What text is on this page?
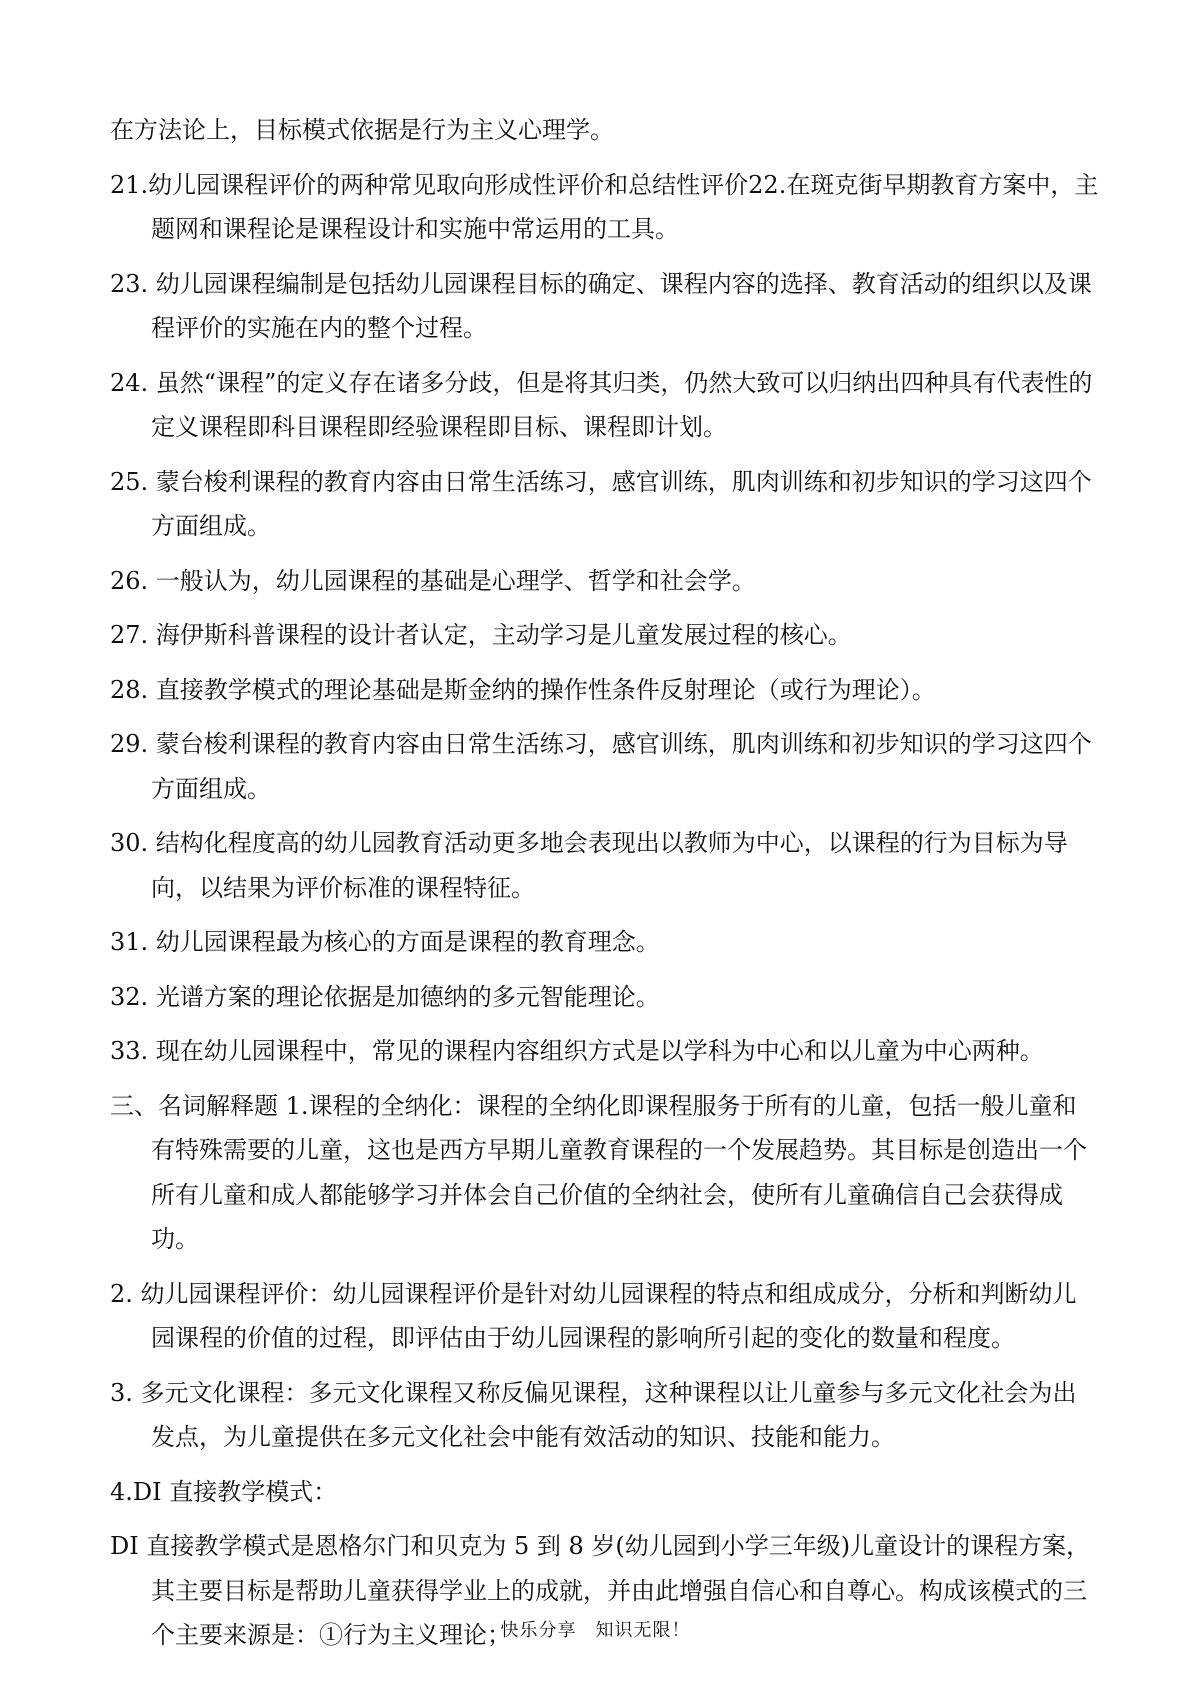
在方法论上，目标模式依据是行为主义心理学。

21.幼儿园课程评价的两种常见取向形成性评价和总结性评价22.在斑克街早期教育方案中，主题网和课程论是课程设计和实施中常运用的工具。

23. 幼儿园课程编制是包括幼儿园课程目标的确定、课程内容的选择、教育活动的组织以及课程评价的实施在内的整个过程。

24. 虽然“课程”的定义存在诸多分歧，但是将其归类，仍然大致可以归纳出四种具有代表性的定义课程即科目课程即经验课程即目标、课程即计划。

25. 蒙台梭利课程的教育内容由日常生活练习，感官训练，肌肉训练和初步知识的学习这四个方面组成。

26. 一般认为，幼儿园课程的基础是心理学、哲学和社会学。

27. 海伊斯科普课程的设计者认定，主动学习是儿童发展过程的核心。

28. 直接教学模式的理论基础是斯金纳的操作性条件反射理论（或行为理论）。

29. 蒙台梭利课程的教育内容由日常生活练习，感官训练，肌肉训练和初步知识的学习这四个方面组成。

30. 结构化程度高的幼儿园教育活动更多地会表现出以教师为中心，以课程的行为目标为导向，以结果为评价标准的课程特征。

31. 幼儿园课程最为核心的方面是课程的教育理念。

32. 光谱方案的理论依据是加德纳的多元智能理论。

33. 现在幼儿园课程中，常见的课程内容组织方式是以学科为中心和以儿童为中心两种。

三、名词解释题 1.课程的全纳化：课程的全纳化即课程服务于所有的儿童，包括一般儿童和有特殊需要的儿童，这也是西方早期儿童教育课程的一个发展趋势。其目标是创造出一个所有儿童和成人都能够学习并体会自己价值的全纳社会，使所有儿童确信自己会获得成功。

2. 幼儿园课程评价：幼儿园课程评价是针对幼儿园课程的特点和组成成分，分析和判断幼儿园课程的价值的过程，即评估由于幼儿园课程的影响所引起的变化的数量和程度。

3. 多元文化课程：多元文化课程又称反偏见课程，这种课程以让儿童参与多元文化社会为出发点，为儿童提供在多元文化社会中能有效活动的知识、技能和能力。

4.DI 直接教学模式：

DI 直接教学模式是恩格尔门和贝克为 5 到 8 岁(幼儿园到小学三年级)儿童设计的课程方案，其主要目标是帮助儿童获得学业上的成就，并由此增强自信心和自尊心。构成该模式的三个主要来源是：①行为主义理论；

快乐分享　知识无限！
